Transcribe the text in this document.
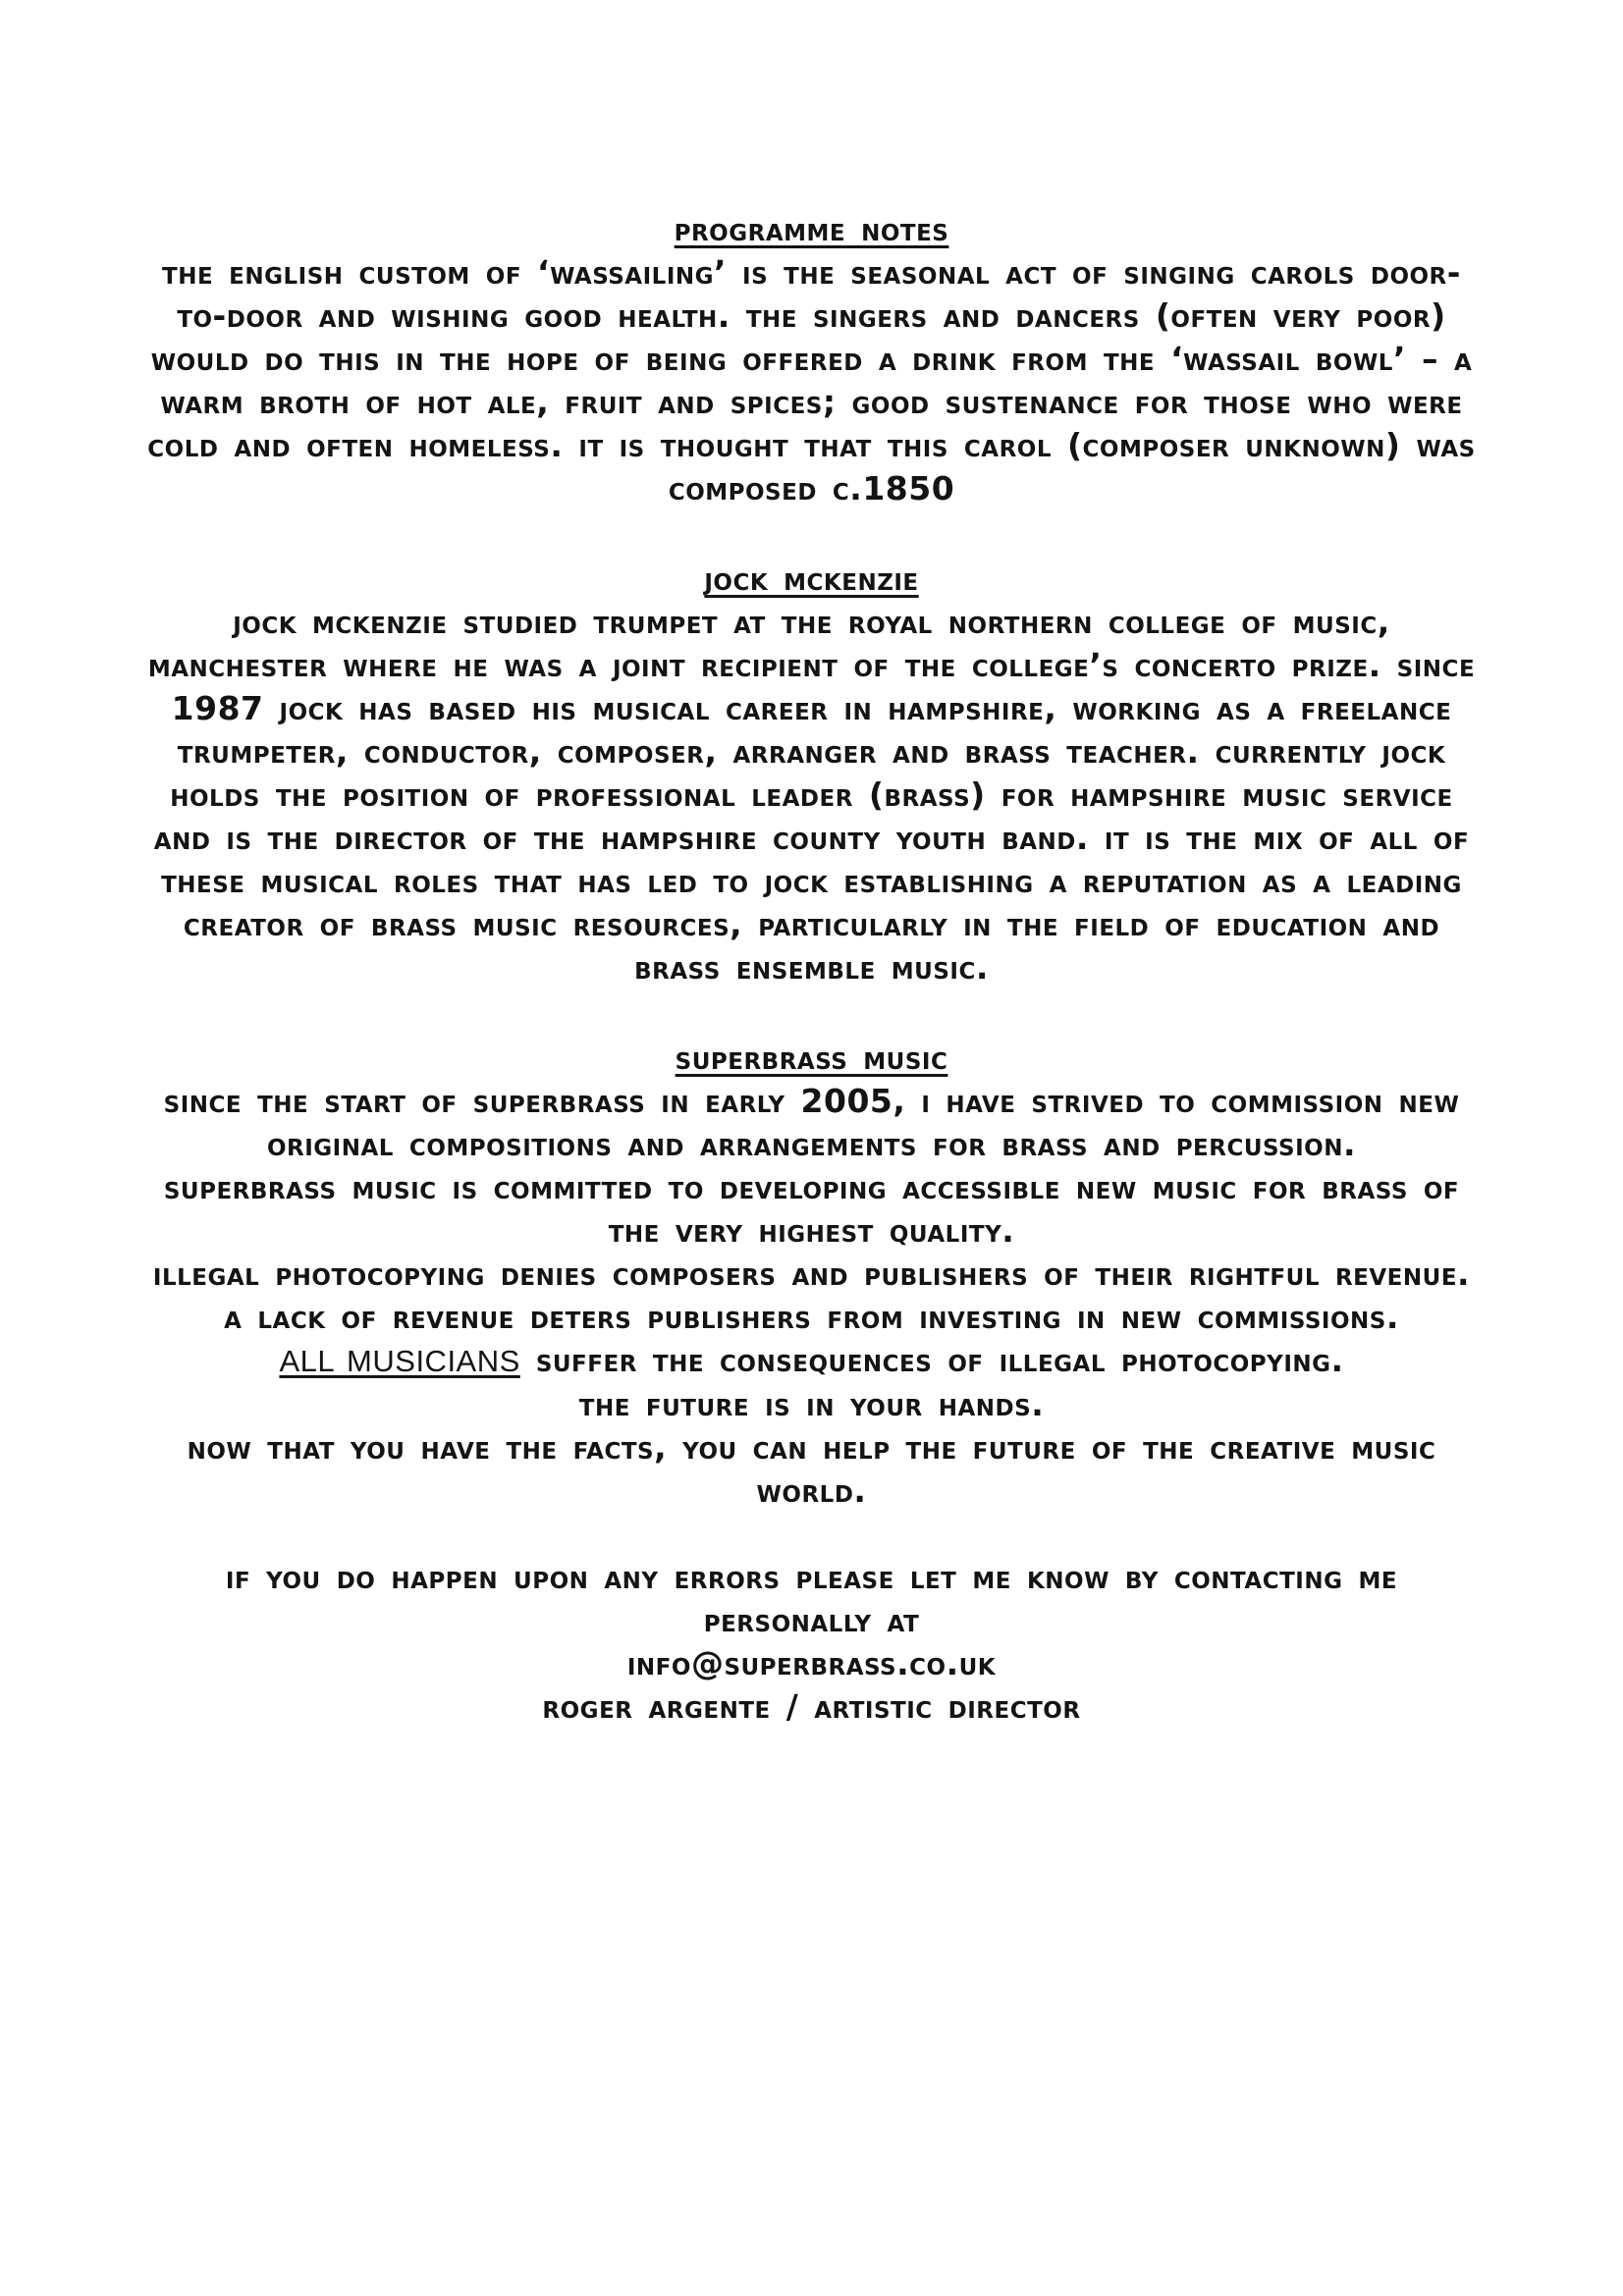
programme notes
the english custom of ‘wassailing’ is the seasonal act of singing carols door-to-door and wishing good health. the singers and dancers (often very poor) would do this in the hope of being offered a drink from the ‘wassail bowl’ – a warm broth of hot ale, fruit and spices; good sustenance for those who were cold and often homeless. it is thought that this carol (composer unknown) was composed c.1850
jock mckenzie
jock mckenzie studied trumpet at the royal northern college of music, manchester where he was a joint recipient of the college’s concerto prize. since 1987 jock has based his musical career in hampshire, working as a freelance trumpeter, conductor, composer, arranger and brass teacher. currently jock holds the position of professional leader (brass) for hampshire music service and is the director of the hampshire county youth band. it is the mix of all of these musical roles that has led to jock establishing a reputation as a leading creator of brass music resources, particularly in the field of education and brass ensemble music.
superbrass music
since the start of superbrass in early 2005, i have strived to commission new original compositions and arrangements for brass and percussion.
superbrass music is committed to developing accessible new music for brass of the very highest quality.
illegal photocopying denies composers and publishers of their rightful revenue.
a lack of revenue deters publishers from investing in new commissions.
ALL MUSICIANS suffer the consequences of illegal photocopying.
the future is in your hands.
now that you have the facts, you can help the future of the creative music world.
if you do happen upon any errors please let me know by contacting me personally at
info@superbrass.co.uk
roger argente / artistic director
